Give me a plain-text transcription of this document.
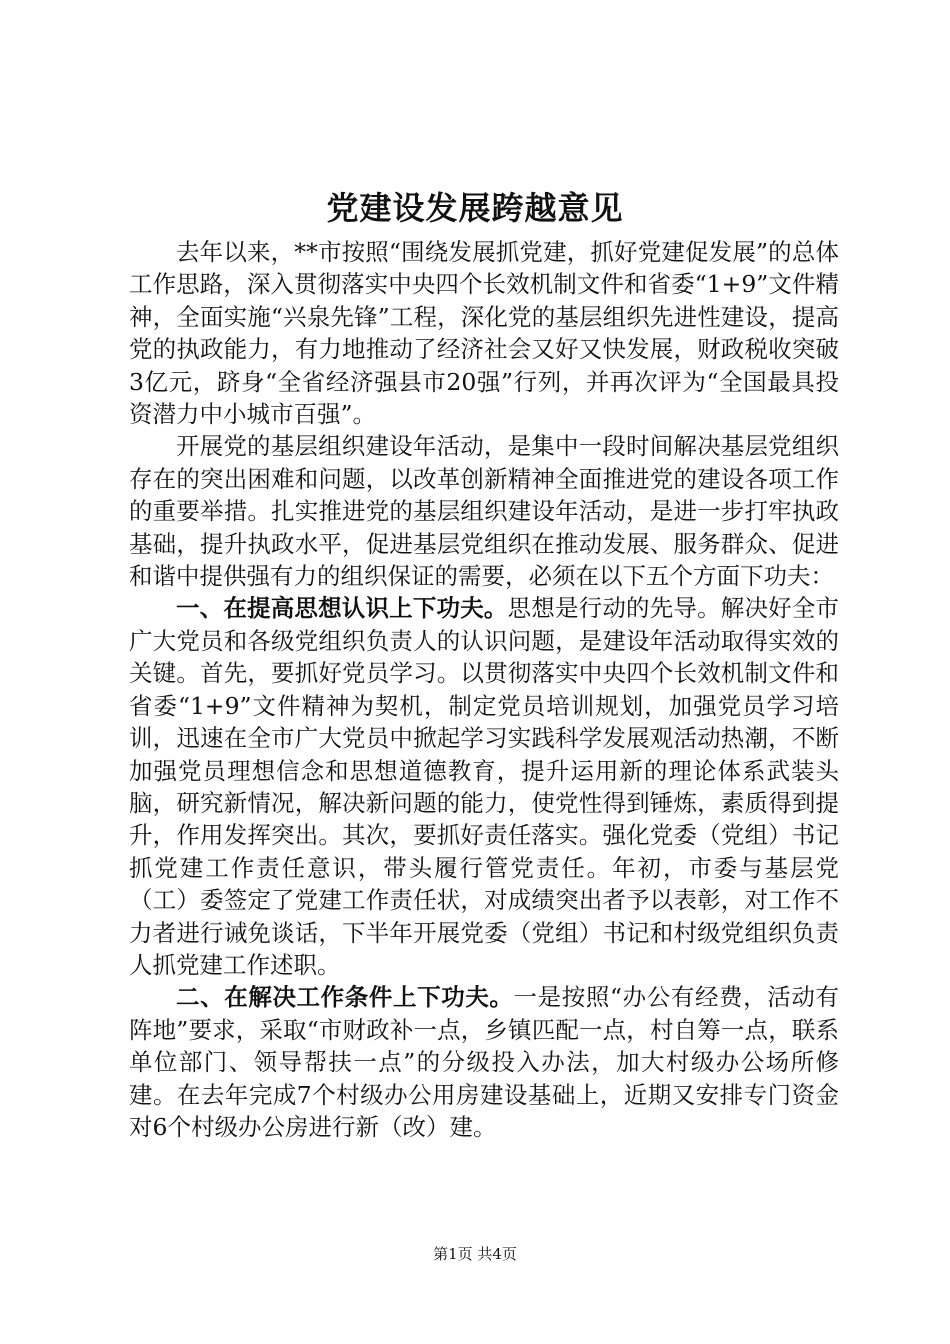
党建设发展跨越意见

去年以来，**市按照“围绕发展抓党建，抓好党建促发展”的总体工作思路，深入贯彻落实中央四个长效机制文件和省委“1+9”文件精神，全面实施“兴泉先锋”工程，深化党的基层组织先进性建设，提高党的执政能力，有力地推动了经济社会又好又快发展，财政税收突破3亿元，跻身“全省经济强县市20强”行列，并再次评为“全国最具投资潜力中小城市百强”。

开展党的基层组织建设年活动，是集中一段时间解决基层党组织存在的突出困难和问题，以改革创新精神全面推进党的建设各项工作的重要举措。扎实推进党的基层组织建设年活动，是进一步打牢执政基础，提升执政水平，促进基层党组织在推动发展、服务群众、促进和谐中提供强有力的组织保证的需要，必须在以下五个方面下功夫：

一、在提高思想认识上下功夫。思想是行动的先导。解决好全市广大党员和各级党组织负责人的认识问题，是建设年活动取得实效的关键。首先，要抓好党员学习。以贯彻落实中央四个长效机制文件和省委“1+9”文件精神为契机，制定党员培训规划，加强党员学习培训，迅速在全市广大党员中掀起学习实践科学发展观活动热潮，不断加强党员理想信念和思想道德教育，提升运用新的理论体系武装头脑，研究新情况，解决新问题的能力，使党性得到锤炼，素质得到提升，作用发挥突出。其次，要抓好责任落实。强化党委（党组）书记抓党建工作责任意识，带头履行管党责任。年初，市委与基层党（工）委签定了党建工作责任状，对成绩突出者予以表彰，对工作不力者进行诫免谈话，下半年开展党委（党组）书记和村级党组织负责人抓党建工作述职。

二、在解决工作条件上下功夫。一是按照“办公有经费，活动有阵地”要求，采取“市财政补一点，乡镇匹配一点，村自筹一点，联系单位部门、领导帮扶一点”的分级投入办法，加大村级办公场所修建。在去年完成7个村级办公用房建设基础上，近期又安排专门资金对6个村级办公房进行新（改）建。

第1页 共4页
